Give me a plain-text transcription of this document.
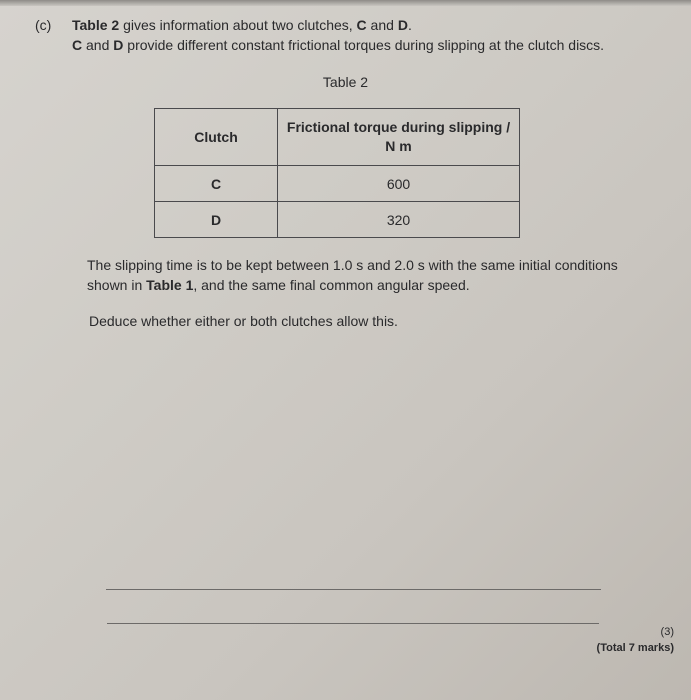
(c) Table 2 gives information about two clutches, C and D.
C and D provide different constant frictional torques during slipping at the clutch discs.
Table 2
Clutch	Frictional torque during slipping /
N m
C	600
D	320
The slipping time is to be kept between 1.0 s and 2.0 s with the same initial conditions
shown in Table 1, and the same final common angular speed.
Deduce whether either or both clutches allow this.
(3)
(Total 7 marks)
